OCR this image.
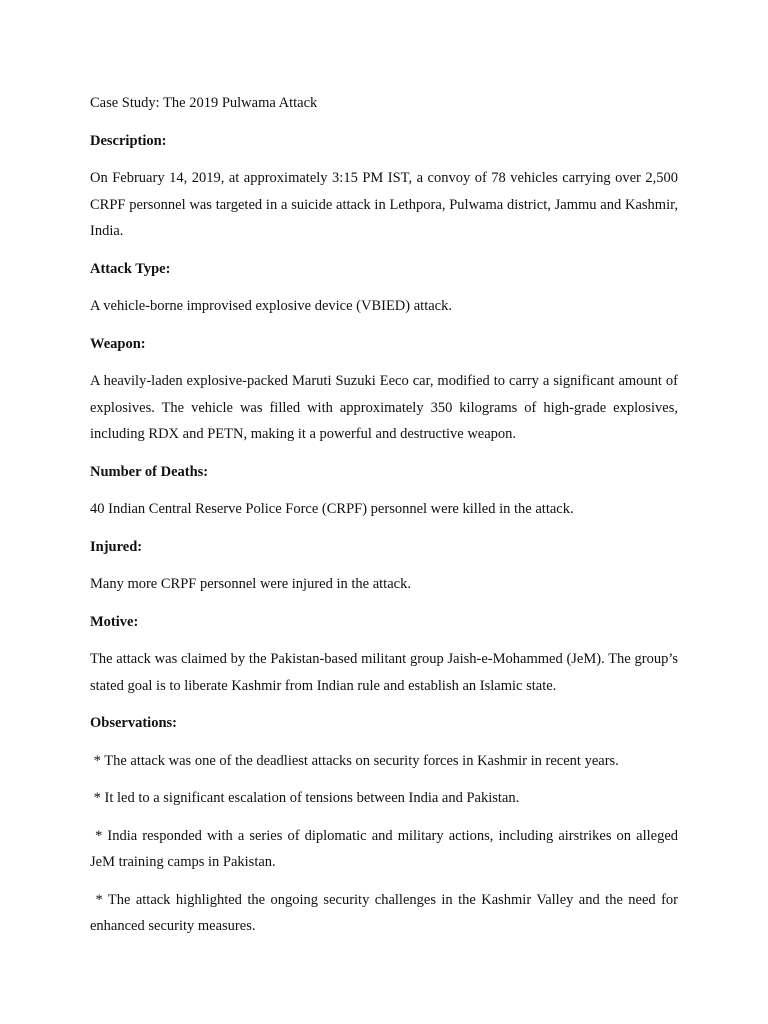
Case Study: The 2019 Pulwama Attack

Description:

On February 14, 2019, at approximately 3:15 PM IST, a convoy of 78 vehicles carrying over 2,500 CRPF personnel was targeted in a suicide attack in Lethpora, Pulwama district, Jammu and Kashmir, India.

Attack Type:

A vehicle-borne improvised explosive device (VBIED) attack.

Weapon:

A heavily-laden explosive-packed Maruti Suzuki Eeco car, modified to carry a significant amount of explosives. The vehicle was filled with approximately 350 kilograms of high-grade explosives, including RDX and PETN, making it a powerful and destructive weapon.

Number of Deaths:

40 Indian Central Reserve Police Force (CRPF) personnel were killed in the attack.

Injured:

Many more CRPF personnel were injured in the attack.

Motive:

The attack was claimed by the Pakistan-based militant group Jaish-e-Mohammed (JeM). The group’s stated goal is to liberate Kashmir from Indian rule and establish an Islamic state.

Observations:

* The attack was one of the deadliest attacks on security forces in Kashmir in recent years.

* It led to a significant escalation of tensions between India and Pakistan.

* India responded with a series of diplomatic and military actions, including airstrikes on alleged JeM training camps in Pakistan.

* The attack highlighted the ongoing security challenges in the Kashmir Valley and the need for enhanced security measures.
